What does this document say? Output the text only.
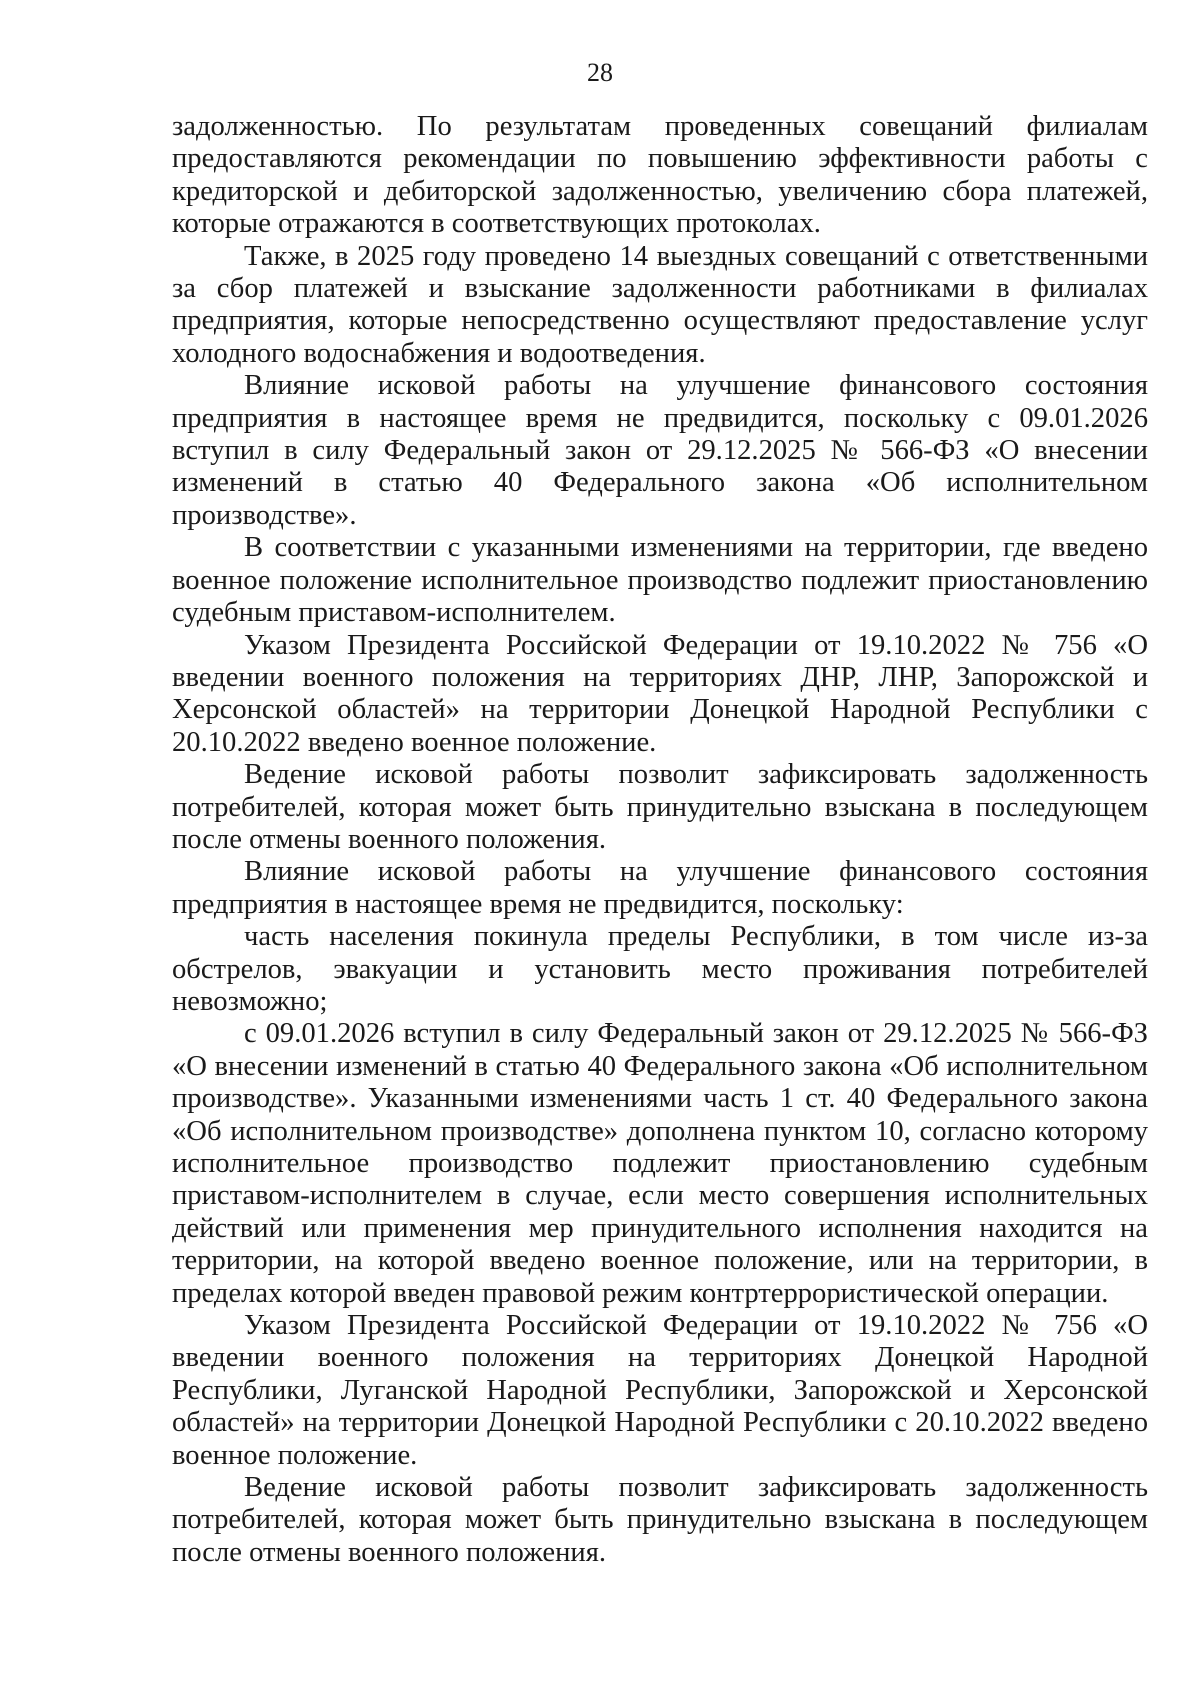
28

задолженностью. По результатам проведенных совещаний филиалам предоставляются рекомендации по повышению эффективности работы с кредиторской и дебиторской задолженностью, увеличению сбора платежей, которые отражаются в соответствующих протоколах.

Также, в 2025 году проведено 14 выездных совещаний с ответственными за сбор платежей и взыскание задолженности работниками в филиалах предприятия, которые непосредственно осуществляют предоставление услуг холодного водоснабжения и водоотведения.

Влияние исковой работы на улучшение финансового состояния предприятия в настоящее время не предвидится, поскольку с 09.01.2026 вступил в силу Федеральный закон от 29.12.2025 № 566-ФЗ «О внесении изменений в статью 40 Федерального закона «Об исполнительном производстве».

В соответствии с указанными изменениями на территории, где введено военное положение исполнительное производство подлежит приостановлению судебным приставом-исполнителем.

Указом Президента Российской Федерации от 19.10.2022 № 756 «О введении военного положения на территориях ДНР, ЛНР, Запорожской и Херсонской областей» на территории Донецкой Народной Республики с 20.10.2022 введено военное положение.

Ведение исковой работы позволит зафиксировать задолженность потребителей, которая может быть принудительно взыскана в последующем после отмены военного положения.

Влияние исковой работы на улучшение финансового состояния предприятия в настоящее время не предвидится, поскольку:

часть населения покинула пределы Республики, в том числе из-за обстрелов, эвакуации и установить место проживания потребителей невозможно;

с 09.01.2026 вступил в силу Федеральный закон от 29.12.2025 № 566-ФЗ «О внесении изменений в статью 40 Федерального закона «Об исполнительном производстве». Указанными изменениями часть 1 ст. 40 Федерального закона «Об исполнительном производстве» дополнена пунктом 10, согласно которому исполнительное производство подлежит приостановлению судебным приставом-исполнителем в случае, если место совершения исполнительных действий или применения мер принудительного исполнения находится на территории, на которой введено военное положение, или на территории, в пределах которой введен правовой режим контртеррористической операции.

Указом Президента Российской Федерации от 19.10.2022 № 756 «О введении военного положения на территориях Донецкой Народной Республики, Луганской Народной Республики, Запорожской и Херсонской областей» на территории Донецкой Народной Республики с 20.10.2022 введено военное положение.

Ведение исковой работы позволит зафиксировать задолженность потребителей, которая может быть принудительно взыскана в последующем после отмены военного положения.
